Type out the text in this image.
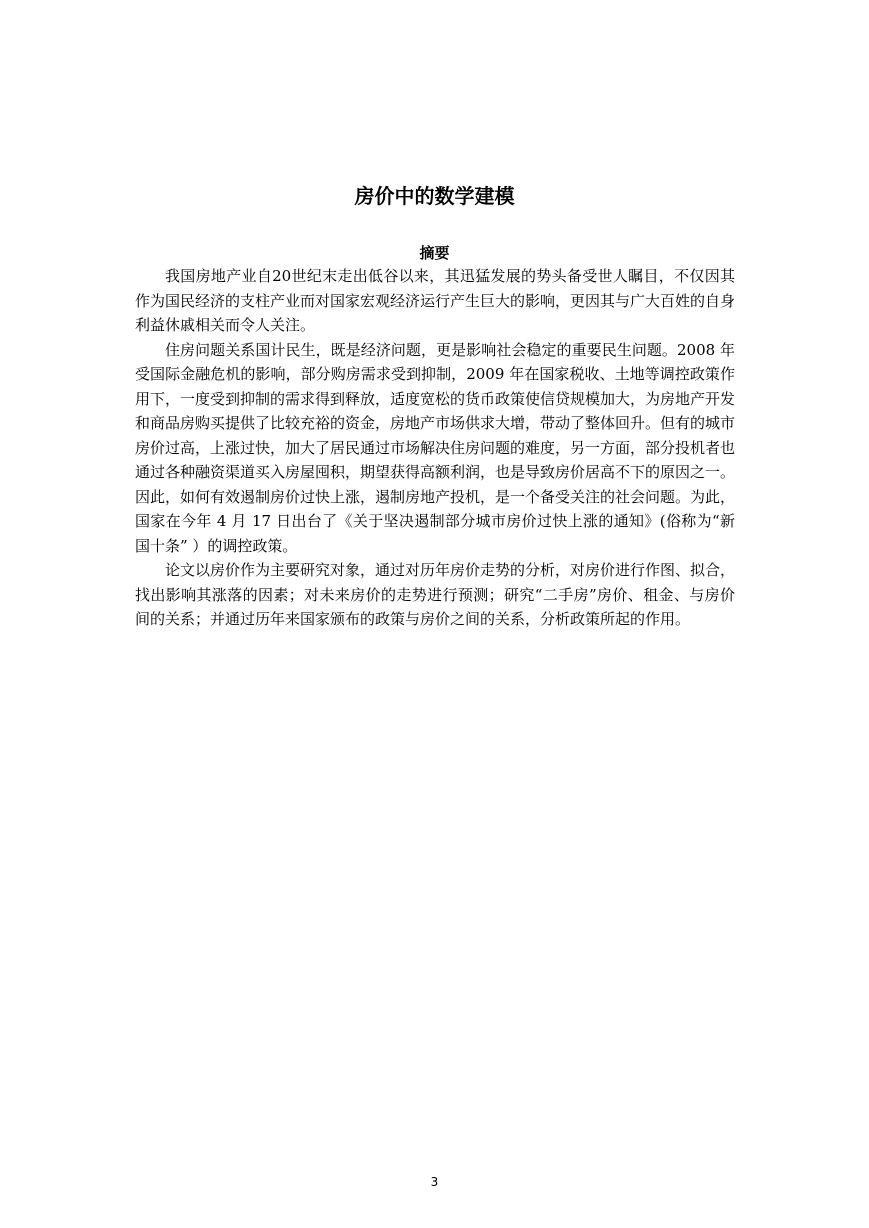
房价中的数学建模
摘要

我国房地产业自20世纪末走出低谷以来，其迅猛发展的势头备受世人瞩目，不仅因其作为国民经济的支柱产业而对国家宏观经济运行产生巨大的影响，更因其与广大百姓的自身利益休戚相关而令人关注。

住房问题关系国计民生，既是经济问题，更是影响社会稳定的重要民生问题。2008 年受国际金融危机的影响，部分购房需求受到抑制，2009 年在国家税收、土地等调控政策作用下，一度受到抑制的需求得到释放，适度宽松的货币政策使信贷规模加大，为房地产开发和商品房购买提供了比较充裕的资金，房地产市场供求大增，带动了整体回升。但有的城市房价过高，上涨过快，加大了居民通过市场解决住房问题的难度，另一方面，部分投机者也通过各种融资渠道买入房屋囤积，期望获得高额利润，也是导致房价居高不下的原因之一。因此，如何有效遏制房价过快上涨，遏制房地产投机，是一个备受关注的社会问题。为此，国家在今年 4 月 17 日出台了《关于坚决遏制部分城市房价过快上涨的通知》(俗称为“新国十条” ）的调控政策。

论文以房价作为主要研究对象，通过对历年房价走势的分析，对房价进行作图、拟合，找出影响其涨落的因素；对未来房价的走势进行预测；研究“二手房”房价、租金、与房价间的关系；并通过历年来国家颁布的政策与房价之间的关系，分析政策所起的作用。

3
